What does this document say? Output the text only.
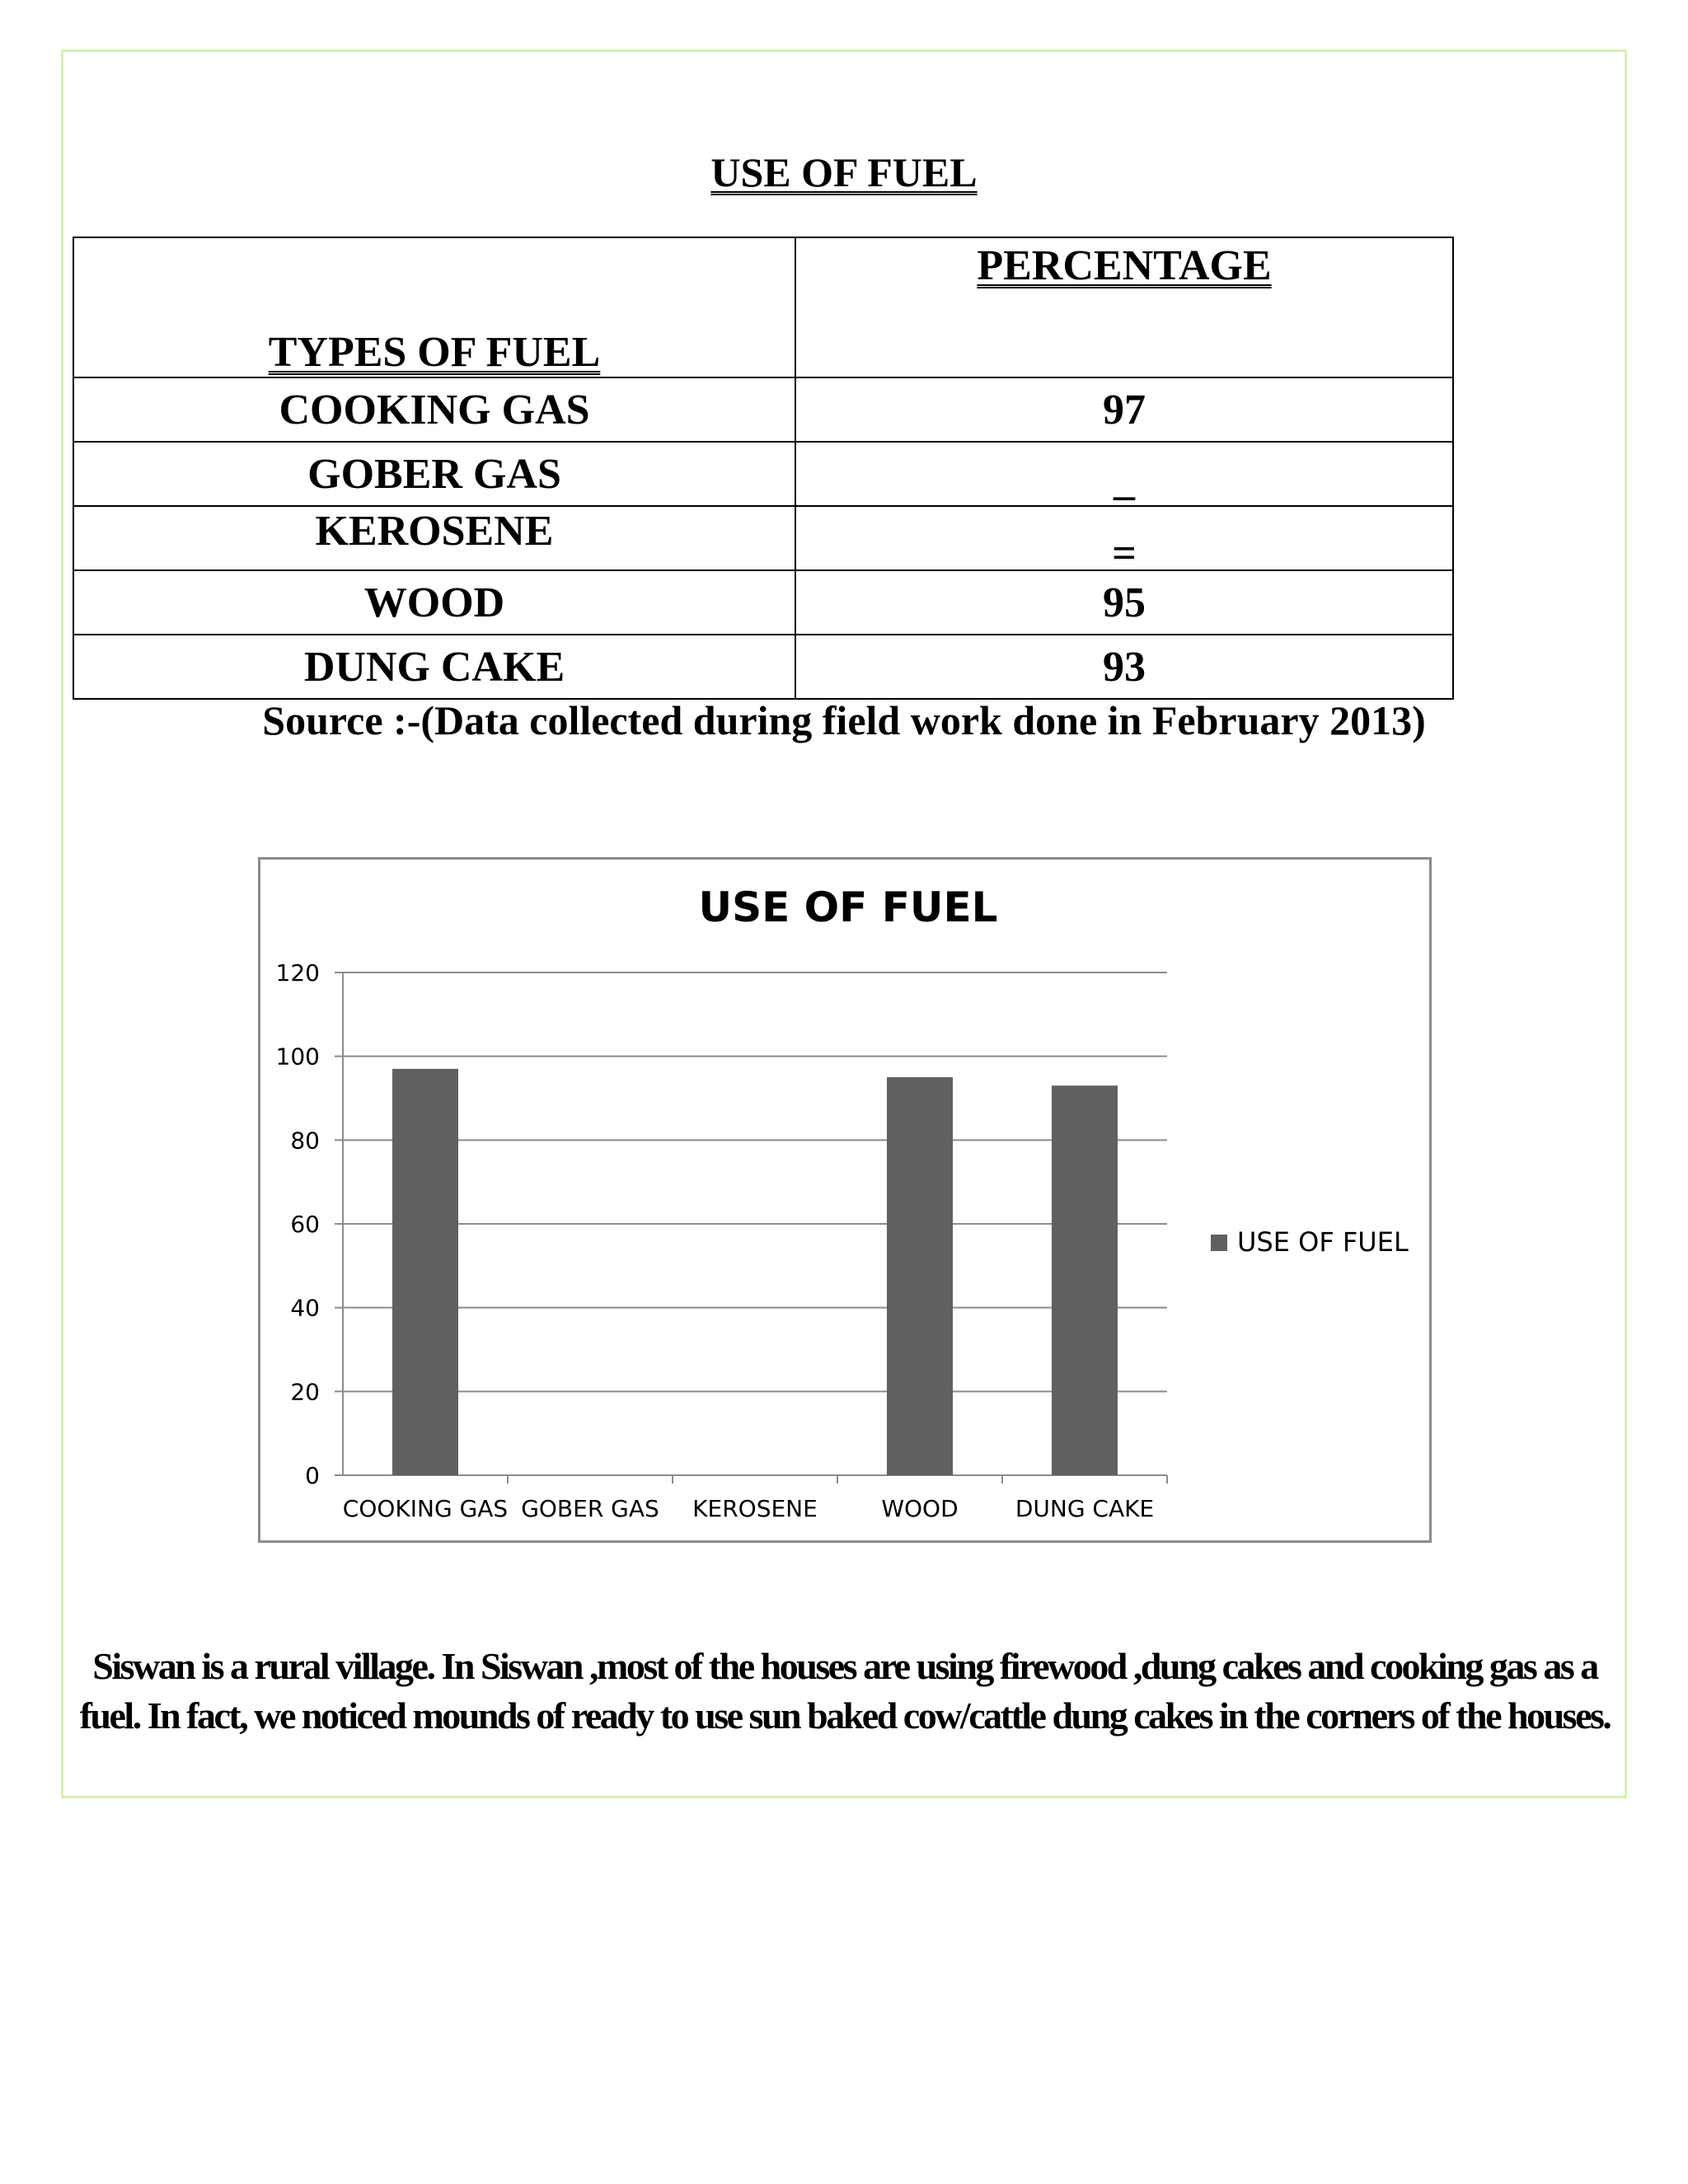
USE OF FUEL
TYPES OF FUEL	PERCENTAGE

COOKING GAS	97
GOBER GAS	_
KEROSENE	=
WOOD	95
DUNG CAKE	93
Source :-(Data collected during field work done in February 2013)
USE OF FUEL
0
20
40
60
80
100
120
COOKING GAS GOBER GAS KEROSENE	WOOD DUNG CAKE
USE OF FUEL
Siswan is a rural village. In Siswan ,most of the houses are using firewood ,dung cakes and cooking gas as a fuel. In fact, we noticed mounds of ready to use sun baked cow/cattle dung cakes in the corners of the houses.
